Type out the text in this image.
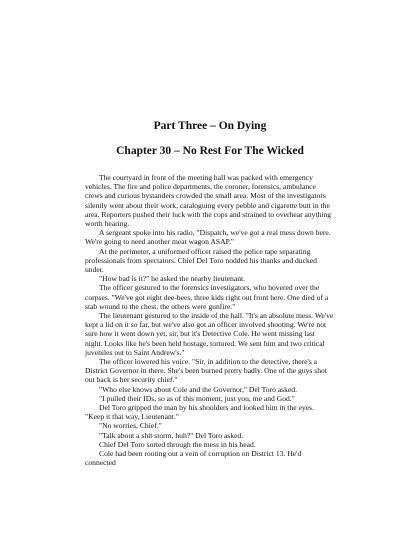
Part Three – On Dying
Chapter 30 – No Rest For The Wicked

The courtyard in front of the meeting hall was packed with emergency vehicles. The fire and police departments, the coroner, forensics, ambulance crews and curious bystanders crowded the small area. Most of the investigators silently went about their work, cataloguing every pebble and cigarette butt in the area. Reporters pushed their luck with the cops and strained to overhear anything worth hearing.

A sergeant spoke into his radio, "Dispatch, we've got a real mess down here. We're going to need another meat wagon ASAP."

At the perimeter, a uniformed officer raised the police tape separating professionals from spectators. Chief Del Toro nodded his thanks and ducked under.

"How bad is it?" he asked the nearby lieutenant.

The officer gestured to the forensics investigators, who hovered over the corpses. "We've got eight dee-bees, three kids right out front here. One died of a stab wound to the chest, the others were gunfire."

The lieutenant gestured to the inside of the hall. "It's an absolute mess. We've kept a lid on it so far, but we've also got an officer involved shooting. We're not sure how it went down yet, sir, but it's Detective Cole. He went missing last night. Looks like he's been held hostage, tortured. We sent him and two critical juveniles out to Saint Andrew's."

The officer lowered his voice. "Sir, in addition to the detective, there's a District Governor in there. She's been burned pretty badly. One of the guys shot out back is her security chief."

"Who else knows about Cole and the Governor," Del Toro asked.

"I pulled their IDs, so as of this moment, just you, me and God."

Del Toro gripped the man by his shoulders and looked him in the eyes. "Keep it that way, Lieutenant."

"No worries, Chief."

"Talk about a shit storm, huh?" Del Toro asked.

Chief Del Toro sorted through the mess in his head.

Cole had been rooting out a vein of corruption on District 13. He'd connected
